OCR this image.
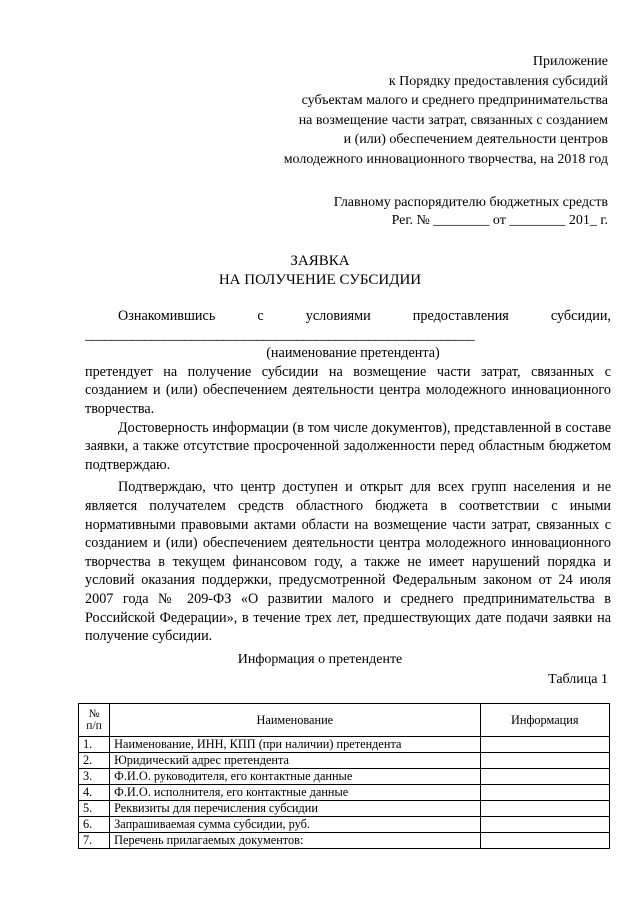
Приложение
к Порядку предоставления субсидий
субъектам малого и среднего предпринимательства
на возмещение части затрат, связанных с созданием
и (или) обеспечением деятельности центров
молодежного инновационного творчества, на 2018 год
Главному распорядителю бюджетных средств
Рег. № ________ от ________ 201_ г.
ЗАЯВКА
НА ПОЛУЧЕНИЕ СУБСИДИИ
Ознакомившись	с	условиями	предоставления	субсидии,
___________________________________________________________
(наименование претендента)

претендует на получение субсидии на возмещение части затрат, связанных с созданием и (или) обеспечением деятельности центра молодежного инновационного творчества.

Достоверность информации (в том числе документов), представленной в составе заявки, а также отсутствие просроченной задолженности перед областным бюджетом подтверждаю.

Подтверждаю, что центр доступен и открыт для всех групп населения и не является получателем средств областного бюджета в соответствии с иными нормативными правовыми актами области на возмещение части затрат, связанных с созданием и (или) обеспечением деятельности центра молодежного инновационного творчества в текущем финансовом году, а также не имеет нарушений порядка и условий оказания поддержки, предусмотренной Федеральным законом от 24 июля 2007 года № 209-ФЗ «О развитии малого и среднего предпринимательства в Российской Федерации», в течение трех лет, предшествующих дате подачи заявки на получение субсидии.

Информация о претенденте
Таблица 1
№
п/п	Наименование	Информация
1.	Наименование, ИНН, КПП (при наличии) претендента	
2.	Юридический адрес претендента	
3.	Ф.И.О. руководителя, его контактные данные	
4.	Ф.И.О. исполнителя, его контактные данные	
5.	Реквизиты для перечисления субсидии	
6.	Запрашиваемая сумма субсидии, руб.	
7.	Перечень прилагаемых документов:	
